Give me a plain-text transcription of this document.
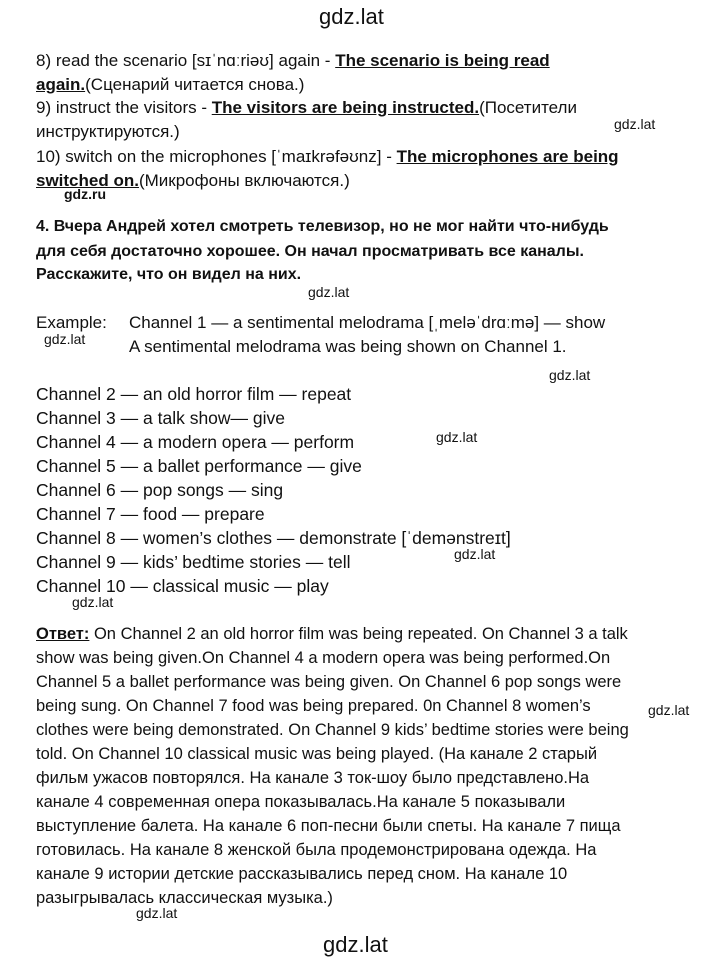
gdz.lat
8) read the scenario [sɪˈnɑːriəʊ] again - The scenario is being read
again.(Сценарий читается снова.)
9) instruct the visitors - The visitors are being instructed.(Посетители
инструктируются.)	gdz.lat
10) switch on the microphones [ˈmaɪkrəfəʊnz] - The microphones are being
switched on.(Микрофоны включаются.)
gdz.ru
4. Вчера Андрей хотел смотреть телевизор, но не мог найти что-нибудь
для себя достаточно хорошее. Он начал просматривать все каналы.
Расскажите, что он видел на них.
gdz.lat
Example: Channel 1 — a sentimental melodrama [ˌmeləˈdrɑːmə] — show
gdz.lat	A sentimental melodrama was being shown on Channel 1.
gdz.lat
Channel 2 — an old horror film — repeat
Channel 3 — a talk show— give
Channel 4 — a modern opera — perform	gdz.lat
Channel 5 — a ballet performance — give
Channel 6 — pop songs — sing
Channel 7 — food — prepare
Channel 8 — women’s clothes — demonstrate [ˈdemənstreɪt]
gdz.lat
Channel 9 — kids’ bedtime stories — tell
Channel 10 — classical music — play
gdz.lat
Ответ: On Channel 2 an old horror film was being repeated. On Channel 3 a talk
show was being given.On Channel 4 a modern opera was being performed.On
Channel 5 a ballet performance was being given. On Channel 6 pop songs were
being sung. On Channel 7 food was being prepared. 0n Channel 8 women’s	gdz.lat
clothes were being demonstrated. On Channel 9 kids’ bedtime stories were being
told. On Channel 10 classical music was being played. (На канале 2 старый
фильм ужасов повторялся. На канале 3 ток-шоу было представлено.На
канале 4 современная опера показывалась.На канале 5 показывали
выступление балета. На канале 6 поп-песни были спеты. На канале 7 пища
готовилась. На канале 8 женской была продемонстрирована одежда. На
канале 9 истории детские рассказывались перед сном. На канале 10
разыгрывалась классическая музыка.)
gdz.lat
gdz.lat
